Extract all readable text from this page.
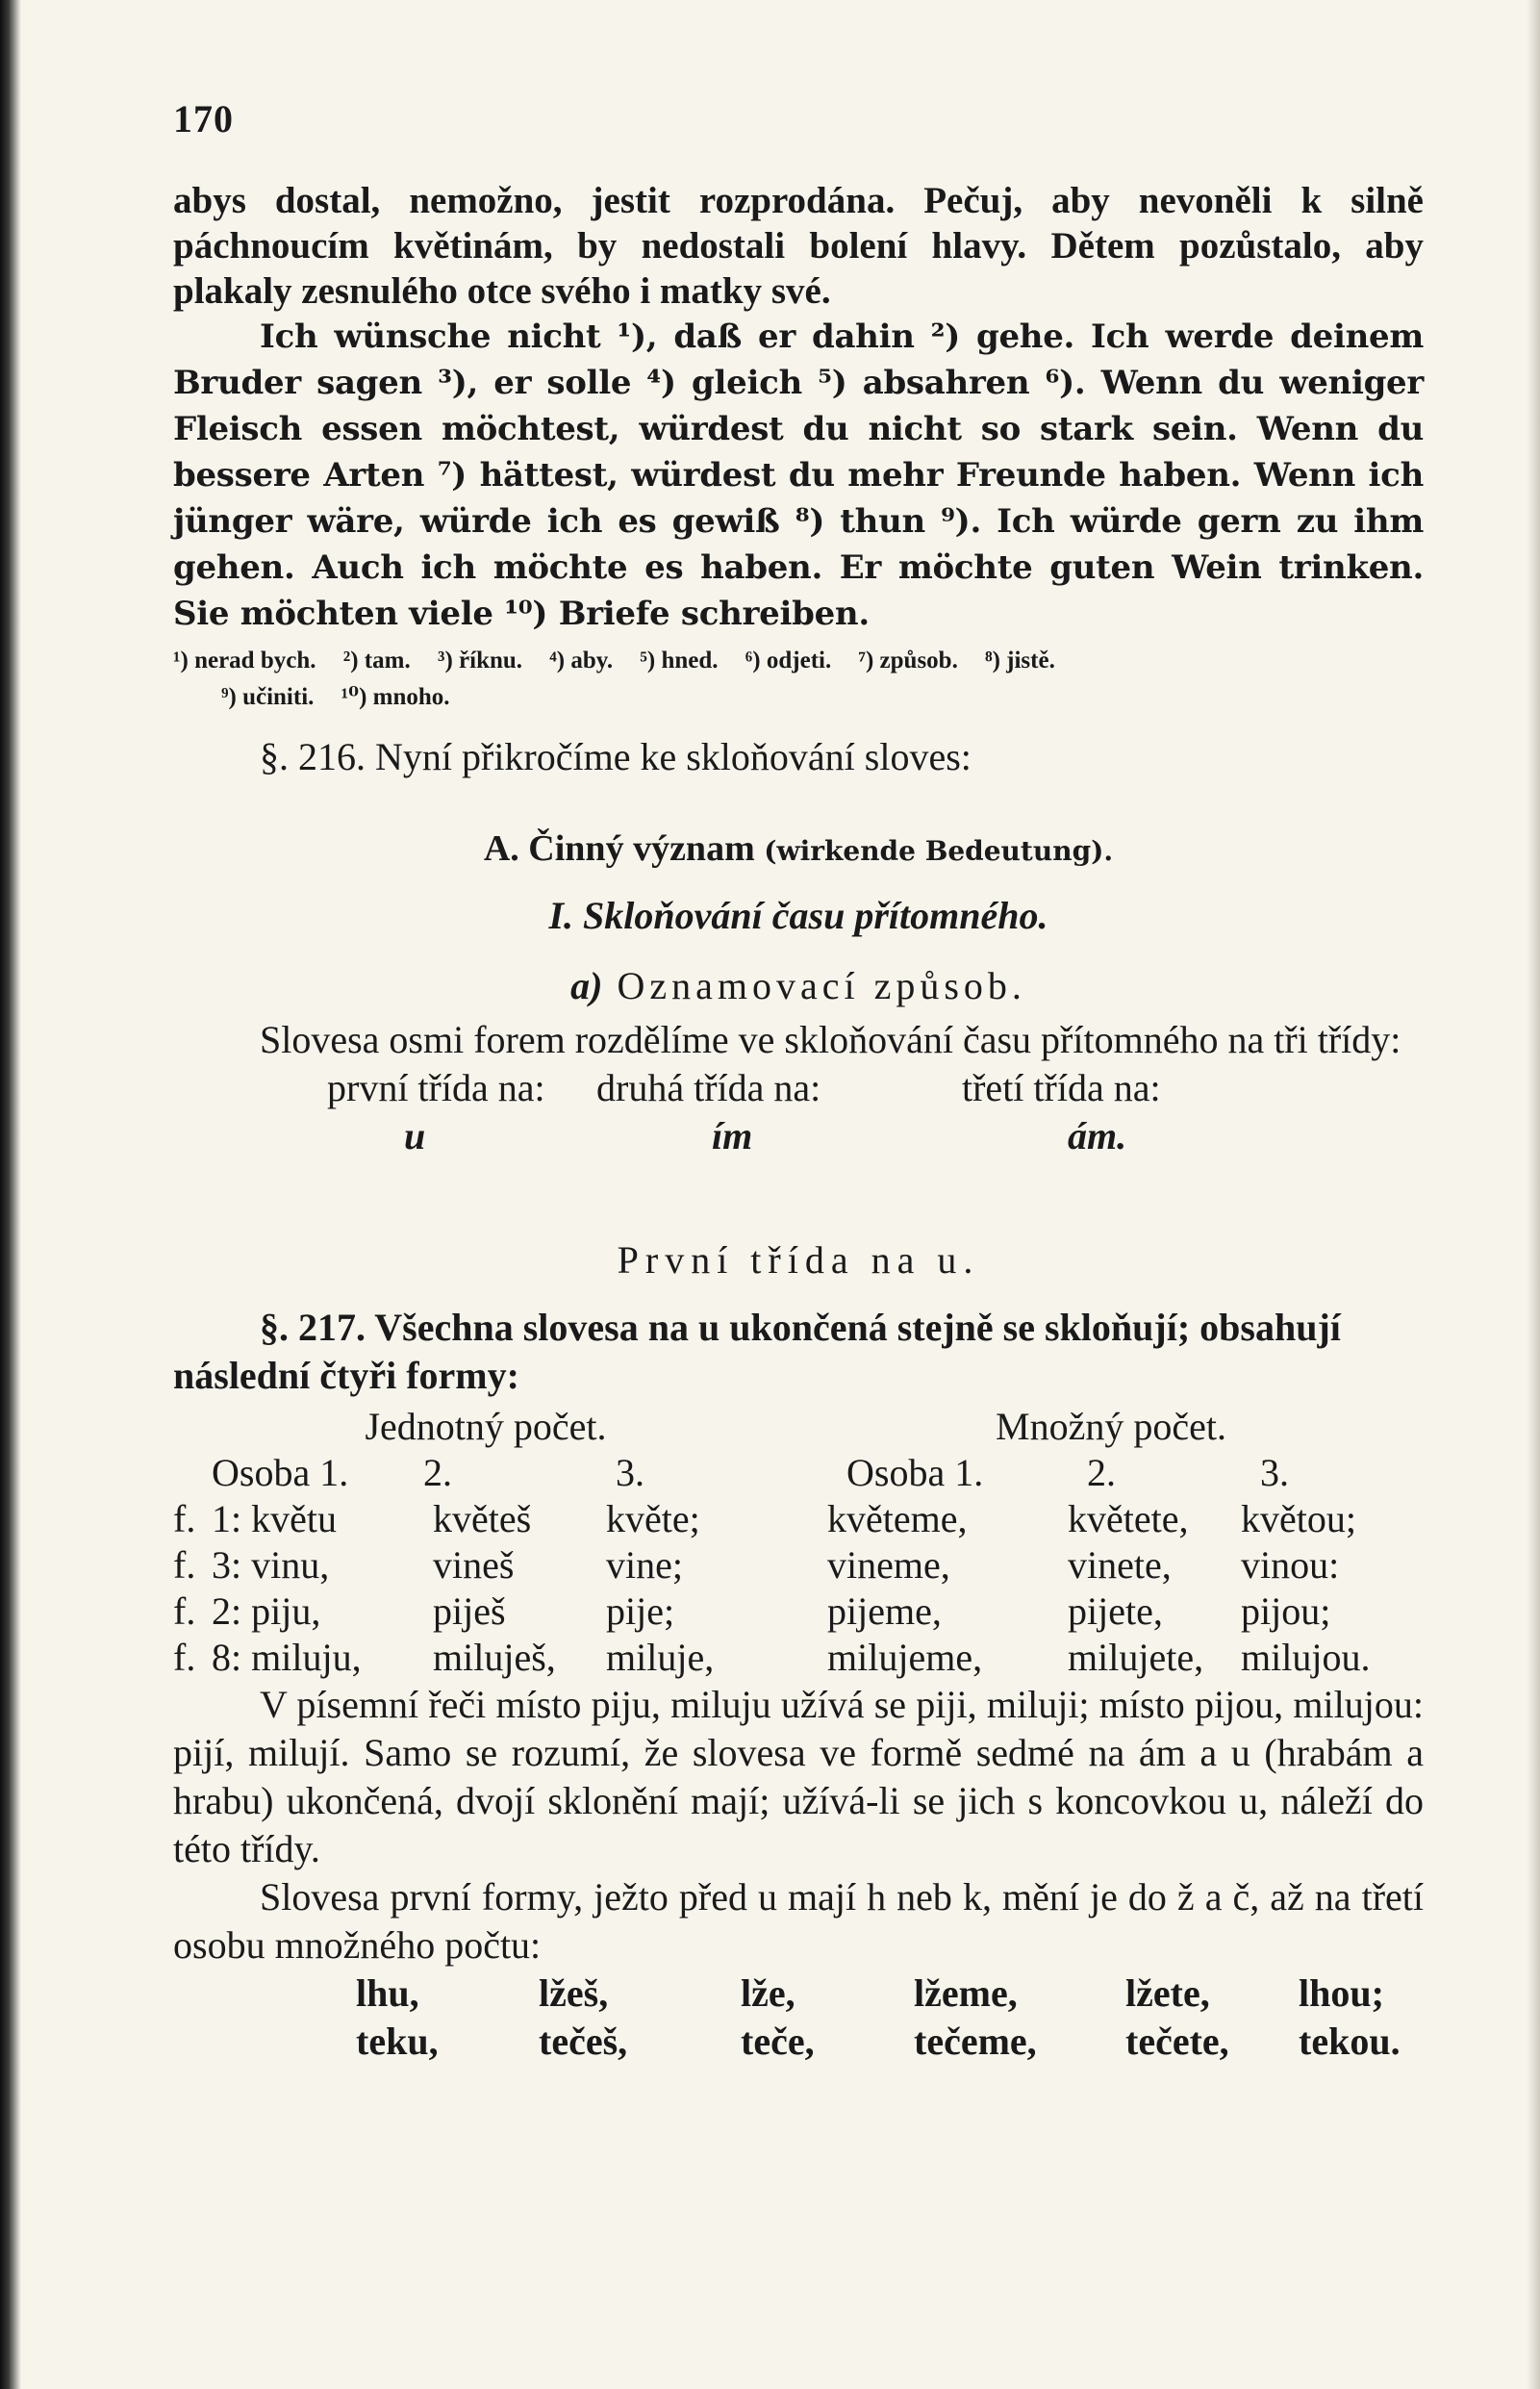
170

abys dostal, nemožno, jestit rozprodána. Pečuj, aby nevoněli k silně páchnoucím květinám, by nedostali bolení hlavy. Dětem pozůstalo, aby plakaly zesnulého otce svého i matky své.

Ich wünsche nicht ¹), daß er dahin ²) gehe. Ich werde deinem Bruder sagen ³), er solle ⁴) gleich ⁵) absahren ⁶). Wenn du weniger Fleisch essen möchtest, würdest du nicht so stark sein. Wenn du bessere Arten ⁷) hättest, würdest du mehr Freunde haben. Wenn ich jünger wäre, würde ich es gewiß ⁸) thun ⁹). Ich würde gern zu ihm gehen. Auch ich möchte es haben. Er möchte guten Wein trinken. Sie möchten viele ¹⁰) Briefe schreiben.

¹) nerad bych. ²) tam. ³) říknu. ⁴) aby. ⁵) hned. ⁶) odjeti. ⁷) způsob. ⁸) jistě.
⁹) učiniti. ¹⁰) mnoho.

§. 216. Nyní přikročíme ke skloňování sloves:

A. Činný význam (wirkende Bedeutung).

I. Skloňování času přítomného.

a) Oznamovací způsob.

Slovesa osmi forem rozdělíme ve skloňování času přítomného na tři třídy:

první třída na:	druhá třída na:	třetí třída na:
u	ím	ám.

První třída na u.

§. 217. Všechna slovesa na u ukončená stejně se skloňují; obsahují následní čtyři formy:

Jednotný počet.	Množný počet.
Osoba 1.	2.	3.	Osoba 1.	2.	3.
f. 1: květu	květeš	květe;	květeme,	květete,	květou;
f. 3: vinu,	vineš	vine;	vineme,	vinete,	vinou:
f. 2: piju,	piješ	pije;	pijeme,	pijete,	pijou;
f. 8: miluju,	miluješ,	miluje,	milujeme,	milujete, milujou.

V písemní řeči místo piju, miluju užívá se piji, miluji; místo pijou, milujou: pijí, milují. Samo se rozumí, že slovesa ve formě sedmé na ám a u (hrabám a hrabu) ukončená, dvojí sklonění mají; užívá-li se jich s koncovkou u, náleží do této třídy.

Slovesa první formy, ježto před u mají h neb k, mění je do ž a č, až na třetí osobu množného počtu:

lhu,	lžeš,	lže,	lžeme,	lžete,	lhou;
teku,	tečeš,	teče,	tečeme,	tečete,	tekou.
